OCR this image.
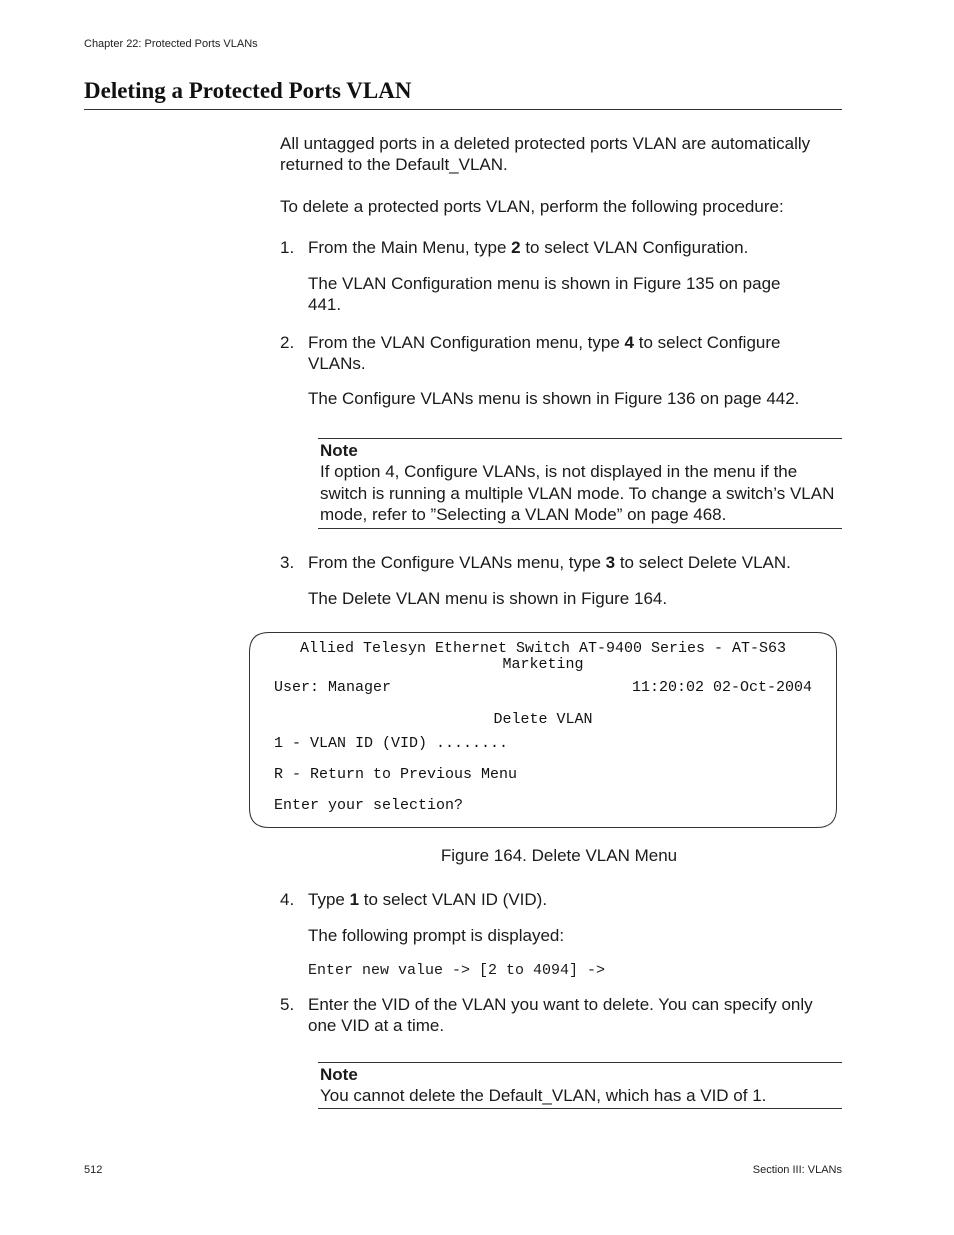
Chapter 22: Protected Ports VLANs
Deleting a Protected Ports VLAN
All untagged ports in a deleted protected ports VLAN are automatically returned to the Default_VLAN.
To delete a protected ports VLAN, perform the following procedure:
1. From the Main Menu, type 2 to select VLAN Configuration.
The VLAN Configuration menu is shown in Figure 135 on page 441.
2. From the VLAN Configuration menu, type 4 to select Configure VLANs.
The Configure VLANs menu is shown in Figure 136 on page 442.
Note
If option 4, Configure VLANs, is not displayed in the menu if the switch is running a multiple VLAN mode. To change a switch’s VLAN mode, refer to ”Selecting a VLAN Mode” on page 468.
3. From the Configure VLANs menu, type 3 to select Delete VLAN.
The Delete VLAN menu is shown in Figure 164.
Allied Telesyn Ethernet Switch AT-9400 Series - AT-S63
Marketing
User: Manager	11:20:02 02-Oct-2004
Delete VLAN
1 - VLAN ID (VID) ........
R - Return to Previous Menu
Enter your selection?
Figure 164. Delete VLAN Menu
4. Type 1 to select VLAN ID (VID).
The following prompt is displayed:
Enter new value -> [2 to 4094] ->
5. Enter the VID of the VLAN you want to delete. You can specify only one VID at a time.
Note
You cannot delete the Default_VLAN, which has a VID of 1.
512	Section III: VLANs
